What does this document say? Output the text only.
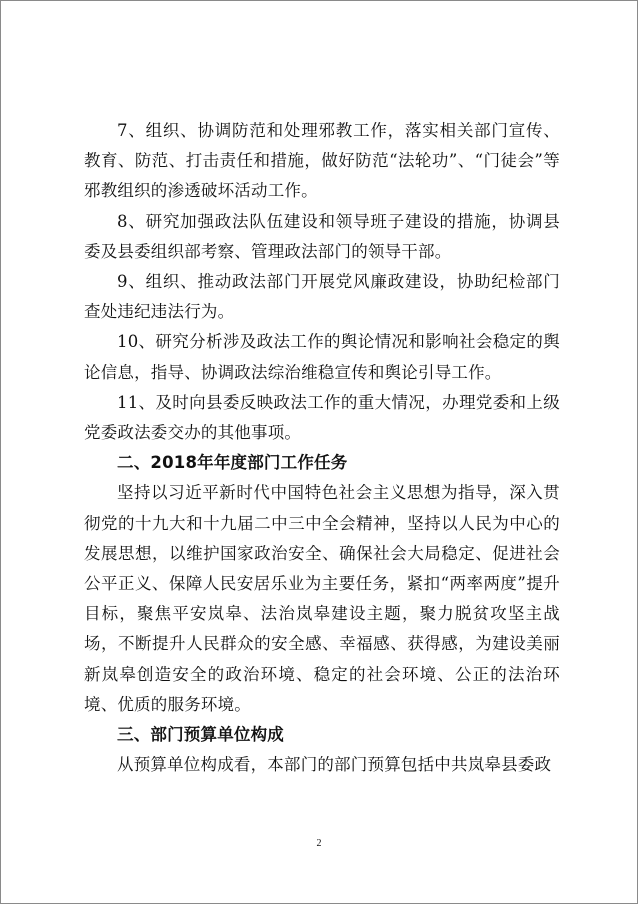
7、组织、协调防范和处理邪教工作，落实相关部门宣传、教育、防范、打击责任和措施，做好防范“法轮功”、“门徒会”等邪教组织的渗透破坏活动工作。

8、研究加强政法队伍建设和领导班子建设的措施，协调县委及县委组织部考察、管理政法部门的领导干部。

9、组织、推动政法部门开展党风廉政建设，协助纪检部门查处违纪违法行为。

10、研究分析涉及政法工作的舆论情况和影响社会稳定的舆论信息，指导、协调政法综治维稳宣传和舆论引导工作。

11、及时向县委反映政法工作的重大情况，办理党委和上级党委政法委交办的其他事项。

二、2018年年度部门工作任务

坚持以习近平新时代中国特色社会主义思想为指导，深入贯彻党的十九大和十九届二中三中全会精神，坚持以人民为中心的发展思想，以维护国家政治安全、确保社会大局稳定、促进社会公平正义、保障人民安居乐业为主要任务，紧扣“两率两度”提升目标，聚焦平安岚皋、法治岚皋建设主题，聚力脱贫攻坚主战场，不断提升人民群众的安全感、幸福感、获得感，为建设美丽新岚皋创造安全的政治环境、稳定的社会环境、公正的法治环境、优质的服务环境。

三、部门预算单位构成

从预算单位构成看，本部门的部门预算包括中共岚皋县委政

2
